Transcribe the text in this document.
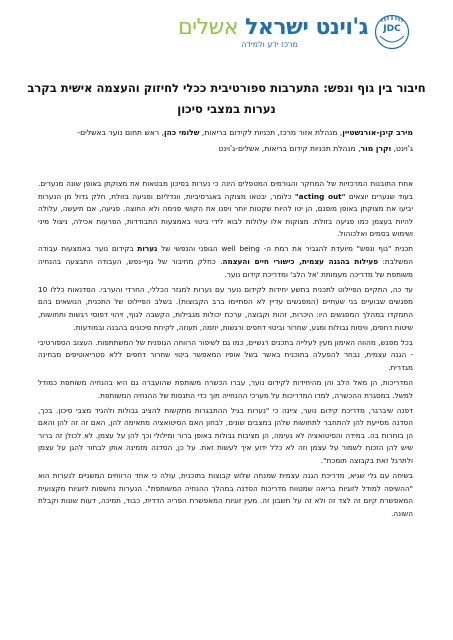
ג'וינט ישראל אשלים
מרכז ידע ולמידה
JDC
חיבור בין גוף ונפש: התערבות ספורטיבית ככלי לחיזוק והעצמה אישית בקרב
נערות במצבי סיכון
מירב קינן-אורנשטיין, מנהלת אזור מרכז, תכניות לקידום בריאות, שלומי כהן, ראש תחום נוער באשלים-
ג'וינט, וקרן מור, מנהלת תכניות קידום בריאות, אשלים-ג'וינט

אחת התובנות המרכזיות של המחקר והגורמים המטפלים הינה כי נערות בסיכון מבטאות את מצוקתן באופן שונה מנערים. בעוד שנערים יוצאים "acting out" כלומר, יבטאו מצוקה באגרסיביות, וונדליזם ופגיעה בזולת, חלק גדול מן הנערות יביעו את מצוקתן באופן מופנם, הן יטו להיות שקטות יותר ויפנו את הקושי פנימה ולא החוצה. פגיעה, אם תיעשה, עלולה להיות בעצמן כמו פגיעה בזולת. מצוקות אלו עלולות לבוא לידי ביטוי באמצעות התבודדות, הפרעות אכילה, ניצול מיני ושימוש בסמים ואלכוהול.

תכנית "גוף ונפש" מיועדת להגביר את רמת ה- well being הגופני והנפשי של נערות בקידום נוער באמצעות עבודה המשלבת: פעילות בהגנה עצמית, כישורי חיים והעצמה. כחלק מחיבור של גוף-נפש, העבודה התבצעה בהנחיה משותפת של מדריכה מעמותת 'אל הלב' ומדריכת קידום נוער.

עד כה, התקיים הפיילוט לתכנית בתשע יחידות לקידום נוער עם נערות למגזר הכללי, החרדי והערבי. הסדנאות כללו 10 מפגשים שבועיים בני שעתיים (המפגשים עדיין לא הסתיימו ברב הקבוצות). בשלב הפיילוט של התכנית, הנושאים בהם התמקדו במהלך המפגשים היו: היכרות, זהות וקבוצה, ערכת יכולות מגבילות, הקשבה לגוף, זיהוי דפוסי רגשות ותחושות, שיטות דחפים, וויסות גבולות ומגע, שחרור וביטוי דחפים ורגשות, יוזמה, תעוזה, לקיחת סיכונים בהבנה ובמודעות.

בכל מפגש, מהווה האימון מעין לעלייה בתכנים רגשיים, כמו גם לשיפור הרווחה הגופנית של המשתתפות. העצוב הספורטיבי - הגנה עצמית, נבחר להפעלה בתוכנית באשר בשל אופיו המאפשר ביטוי שחרור דחפים ללא סטריאוטיפים מבחינה מגדרית.

המדריכות, הן מאל הלב והן מהיחידות לקידום נוער, עברו הכשרה משותפת שהועברה גם היא בהנחיה משותפת כמודל למשל. במסגרת ההכשרה, למדו המדריכות על מערכי ההנחייה תוך כדי התנסות של ההנחיה המשותפת.

דפנה שיברגר, מדריכת קידום נוער, ציינה כי "נערות בגיל ההתבגרות מתקשות להציב גבולות ולהגיד מצבי סיכון. בכך, הסדנה מסייעת להן להתחבר לתחושות שלהן במצבים שונים, לבחון האם הסיטואציה מתאימה להן, האם זה זה להן והאם הן בוחרות בה. במידה והסיטואציה לא נעימה, הן מציבות גבולות באופן ברור ומילולי וכך להן על עצמן. לא לכולן זה ברור שיש להן הזכות לשמור על עצמן וזה לא כלל ידוע איך לעשות זאת. על כן, הסדנה מזמינה אותן לבחור להגן על עצמן ולתרגל זאת בקבוצה תומכת".

בשיחה עם גלי שגיא, מדריכת הגנה עצמית שמנחה שלוש קבוצות בתוכנית, עולה כי אחד הרווחים המשניים לנערות הוא "ההשיפה למודל לזוגיות בריאה שמטווח מדריכות הסדנה במהלך ההנחיה המשותפת". הנערות נחשפות לזוגיות מקצועית המאפשרת קיום זה לצד זה ולא זה על חשבון זה. מעין זוגיות המאפשרת הפריה הדדית, כבוד, תמיכה, דעות שונות וקבלת השונה.
